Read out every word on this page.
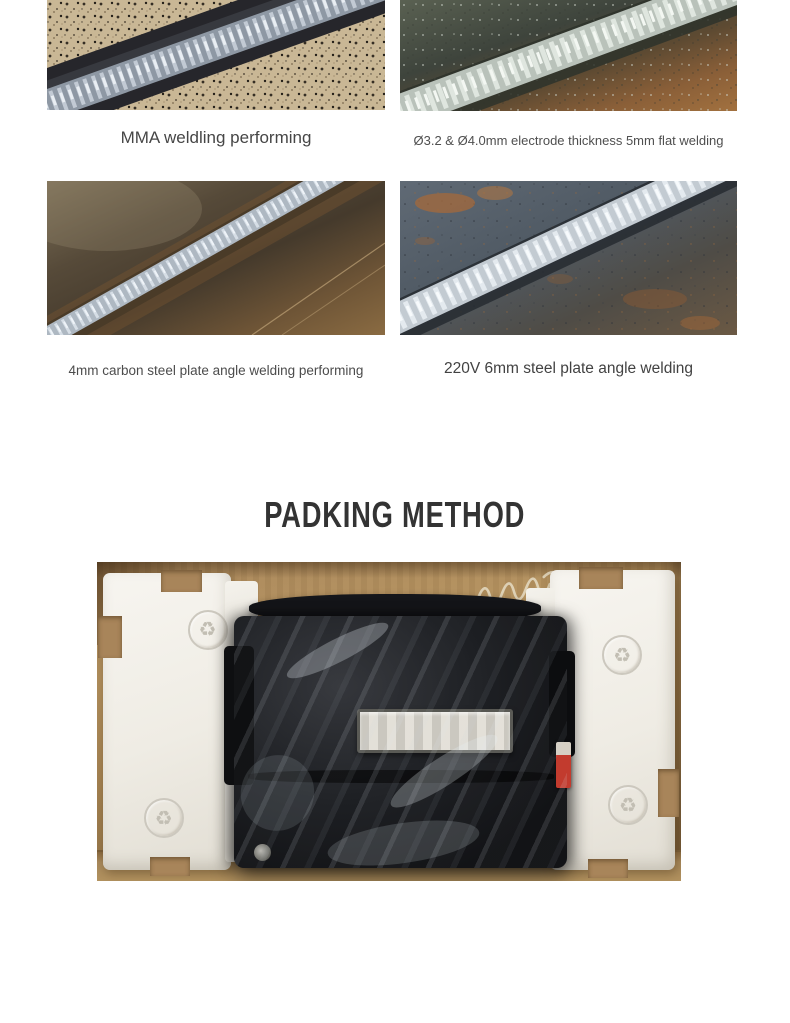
MMA weldling performing	Ø3.2 & Ø4.0mm electrode thickness 5mm flat welding
4mm carbon steel plate angle welding performing	220V 6mm steel plate angle welding
PADKING METHOD
♻
♻
♻
♻
